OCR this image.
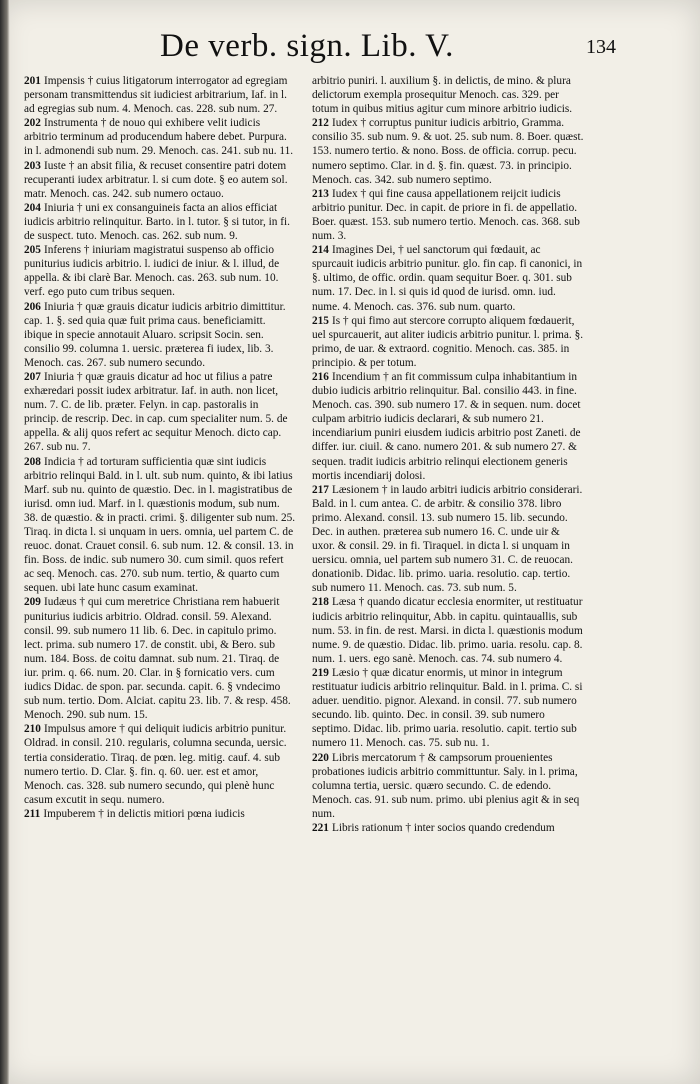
De verb. sign. Lib. V.	134
201 Impensis † cuius litigatorum interrogator ad egregiam personam transmittendus sit iudiciest arbitrarium, Iaf. in l. ad egregias sub num. 4. Menoch. cas. 228. sub num. 27.
202 Instrumenta † de nouo qui exhibere velit iudicis arbitrio terminum ad producendum habere debet. Purpura. in l. admonendi sub num. 29. Menoch. cas. 241. sub nu. 11.
203 Iuste † an absit filia, & recuset consentire patri dotem recuperanti iudex arbitratur. l. si cum dote. § eo autem sol. matr. Menoch. cas. 242. sub numero octauo.
204 Iniuria † uni ex consanguineis facta an alios efficiat iudicis arbitrio relinquitur. Barto. in l. tutor. § si tutor, in fi. de suspect. tuto. Menoch. cas. 262. sub num. 9.
205 Inferens † iniuriam magistratui suspenso ab officio puniturius iudicis arbitrio. l. iudici de iniur. & l. illud, de appella. & ibi clarè Bar. Menoch. cas. 263. sub num. 10. verf. ego puto cum tribus sequen.
206 Iniuria † quæ grauis dicatur iudicis arbitrio dimittitur. cap. 1. §. sed quia quæ fuit prima caus. beneficiamitt. ibique in specie annotauit Aluaro. scripsit Socin. sen. consilio 99. columna 1. uersic. præterea fi iudex, lib. 3. Menoch. cas. 267. sub numero secundo.
207 Iniuria † quæ grauis dicatur ad hoc ut filius a patre exhæredari possit iudex arbitratur. Iaf. in auth. non licet, num. 7. C. de lib. præter. Felyn. in cap. pastoralis in princip. de rescrip. Dec. in cap. cum specialiter num. 5. de appella. & alij quos refert ac sequitur Menoch. dicto cap. 267. sub nu. 7.
208 Indicia † ad torturam sufficientia quæ sint iudicis arbitrio relinqui Bald. in l. ult. sub num. quinto, & ibi latius Marf. sub nu. quinto de quæstio. Dec. in l. magistratibus de iurisd. omn iud. Marf. in l. quæstionis modum, sub num. 38. de quæstio. & in practi. crimi. §. diligenter sub num. 25. Tiraq. in dicta l. si unquam in uers. omnia, uel partem C. de reuoc. donat. Crauet consil. 6. sub num. 12. & consil. 13. in fin. Boss. de indic. sub numero 30. cum simil. quos refert ac seq. Menoch. cas. 270. sub num. tertio, & quarto cum sequen. ubi late hunc casum examinat.
209 Iudæus † qui cum meretrice Christiana rem habuerit puniturius iudicis arbitrio. Oldrad. consil. 59. Alexand. consil. 99. sub numero 11 lib. 6. Dec. in capitulo primo. lect. prima. sub numero 17. de constit. ubi, & Bero. sub num. 184. Boss. de coitu damnat. sub num. 21. Tiraq. de iur. prim. q. 66. num. 20. Clar. in § fornicatio vers. cum iudics Didac. de spon. par. secunda. capit. 6. § vndecimo sub num. tertio. Dom. Alciat. capitu 23. lib. 7. & resp. 458. Menoch. 290. sub num. 15.
210 Impulsus amore † qui deliquit iudicis arbitrio punitur. Oldrad. in consil. 210. regularis, columna secunda, uersic. tertia consideratio. Tiraq. de pœn. leg. mitig. cauf. 4. sub numero tertio. D. Clar. §. fin. q. 60. uer. est et amor, Menoch. cas. 328. sub numero secundo, qui plenè hunc casum excutit in sequ. numero.
211 Impuberem † in delictis mitiori pœna iudicis
arbitrio puniri. l. auxilium §. in delictis, de mino. & plura delictorum exempla prosequitur Menoch. cas. 329. per totum in quibus mitius agitur cum minore arbitrio iudicis.
212 Iudex † corruptus punitur iudicis arbitrio, Gramma. consilio 35. sub num. 9. & uot. 25. sub num. 8. Boer. quæst. 153. numero tertio. & nono. Boss. de officia. corrup. pecu. numero septimo. Clar. in d. §. fin. quæst. 73. in principio. Menoch. cas. 342. sub numero septimo.
213 Iudex † qui fine causa appellationem reijcit iudicis arbitrio punitur. Dec. in capit. de priore in fi. de appellatio. Boer. quæst. 153. sub numero tertio. Menoch. cas. 368. sub num. 3.
214 Imagines Dei, † uel sanctorum qui fœdauit, ac spurcauit iudicis arbitrio punitur. glo. fin cap. fi canonici, in §. ultimo, de offic. ordin. quam sequitur Boer. q. 301. sub num. 17. Dec. in l. si quis id quod de iurisd. omn. iud. nume. 4. Menoch. cas. 376. sub num. quarto.
215 Is † qui fimo aut stercore corrupto aliquem fœdauerit, uel spurcauerit, aut aliter iudicis arbitrio punitur. l. prima. §. primo, de uar. & extraord. cognitio. Menoch. cas. 385. in principio. & per totum.
216 Incendium † an fit commissum culpa inhabitantium in dubio iudicis arbitrio relinquitur. Bal. consilio 443. in fine. Menoch. cas. 390. sub numero 17. & in sequen. num. docet culpam arbitrio iudicis declarari, & sub numero 21. incendiarium puniri eiusdem iudicis arbitrio post Zaneti. de differ. iur. ciuil. & cano. numero 201. & sub numero 27. & sequen. tradit iudicis arbitrio relinqui electionem generis mortis incendiarij dolosi.
217 Læsionem † in laudo arbitri iudicis arbitrio considerari. Bald. in l. cum antea. C. de arbitr. & consilio 378. libro primo. Alexand. consil. 13. sub numero 15. lib. secundo. Dec. in authen. præterea sub numero 16. C. unde uir & uxor. & consil. 29. in fi. Tiraquel. in dicta l. si unquam in uersicu. omnia, uel partem sub numero 31. C. de reuocan. donationib. Didac. lib. primo. uaria. resolutio. cap. tertio. sub numero 11. Menoch. cas. 73. sub num. 5.
218 Læsa † quando dicatur ecclesia enormiter, ut restituatur iudicis arbitrio relinquitur, Abb. in capitu. quintauallis, sub num. 53. in fin. de rest. Marsi. in dicta l. quæstionis modum nume. 9. de quæstio. Didac. lib. primo. uaria. resolu. cap. 8. num. 1. uers. ego sanè. Menoch. cas. 74. sub numero 4.
219 Læsio † quæ dicatur enormis, ut minor in integrum restituatur iudicis arbitrio relinquitur. Bald. in l. prima. C. si aduer. uenditio. pignor. Alexand. in consil. 77. sub numero secundo. lib. quinto. Dec. in consil. 39. sub numero septimo. Didac. lib. primo uaria. resolutio. capit. tertio sub numero 11. Menoch. cas. 75. sub nu. 1.
220 Libris mercatorum † & campsorum prouenientes probationes iudicis arbitrio committuntur. Saly. in l. prima, columna tertia, uersic. quæro secundo. C. de edendo. Menoch. cas. 91. sub num. primo. ubi plenius agit & in seq num.
221 Libris rationum † inter socios quando credendum
